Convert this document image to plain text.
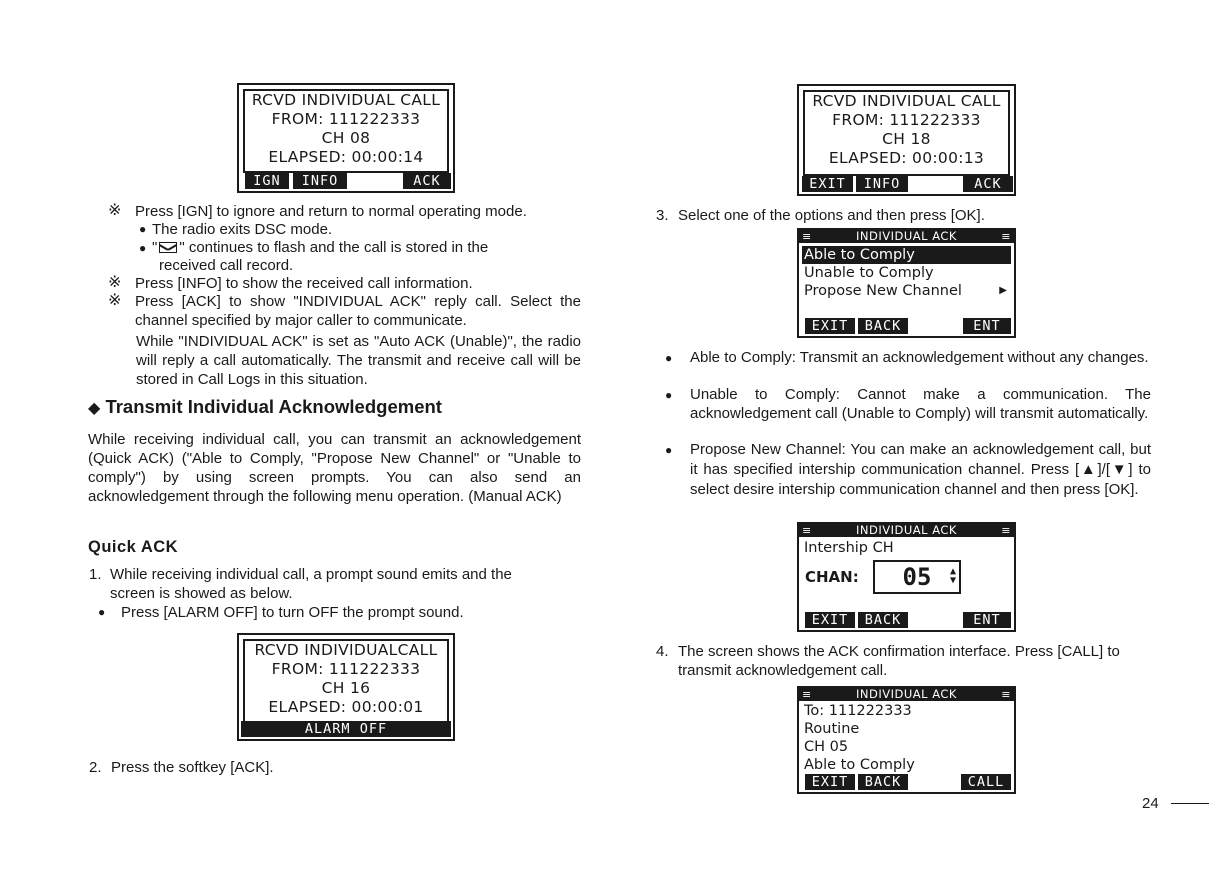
RCVD INDIVIDUAL CALL
FROM: 111222333
CH 08
ELAPSED: 00:00:14
IGN	INFO	ACK
※ Press [IGN] to ignore and return to normal operating mode.
● The radio exits DSC mode.
● " " continues to flash and the call is stored in the
received call record.
※ Press [INFO] to show the received call information.
※ Press [ACK] to show "INDIVIDUAL ACK" reply call. Select the channel specified by major caller to communicate.
While "INDIVIDUAL ACK" is set as "Auto ACK (Unable)", the radio will reply a call automatically. The transmit and receive call will be stored in Call Logs in this situation.
◆ Transmit Individual Acknowledgement
While receiving individual call, you can transmit an acknowledgement (Quick ACK) ("Able to Comply, "Propose New Channel" or "Unable to comply") by using screen prompts. You can also send an acknowledgement through the following menu operation. (Manual ACK)
Quick ACK
1. While receiving individual call, a prompt sound emits and the screen is showed as below.
● Press [ALARM OFF] to turn OFF the prompt sound.
RCVD INDIVIDUALCALL
FROM: 111222333
CH 16
ELAPSED: 00:00:01
ALARM OFF
2. Press the softkey [ACK].
RCVD INDIVIDUAL CALL
FROM: 111222333
CH 18
ELAPSED: 00:00:13
EXIT	INFO	ACK
3. Select one of the options and then press [OK].
≡	INDIVIDUAL ACK	≡
Able to Comply
Unable to Comply
Propose New Channel	▶
EXIT	BACK	ENT
● Able to Comply: Transmit an acknowledgement without any changes.
● Unable to Comply: Cannot make a communication. The acknowledgement call (Unable to Comply) will transmit automatically.
● Propose New Channel: You can make an acknowledgement call, but it has specified intership communication channel. Press [▲]/[▼] to select desire intership communication channel and then press [OK].
≡	INDIVIDUAL ACK	≡
Intership CH
CHAN:	05 ▲
▼
EXIT	BACK	ENT
4. The screen shows the ACK confirmation interface. Press [CALL] to transmit acknowledgement call.
≡	INDIVIDUAL ACK	≡
To: 111222333
Routine
CH 05
Able to Comply
EXIT	BACK	CALL
24
